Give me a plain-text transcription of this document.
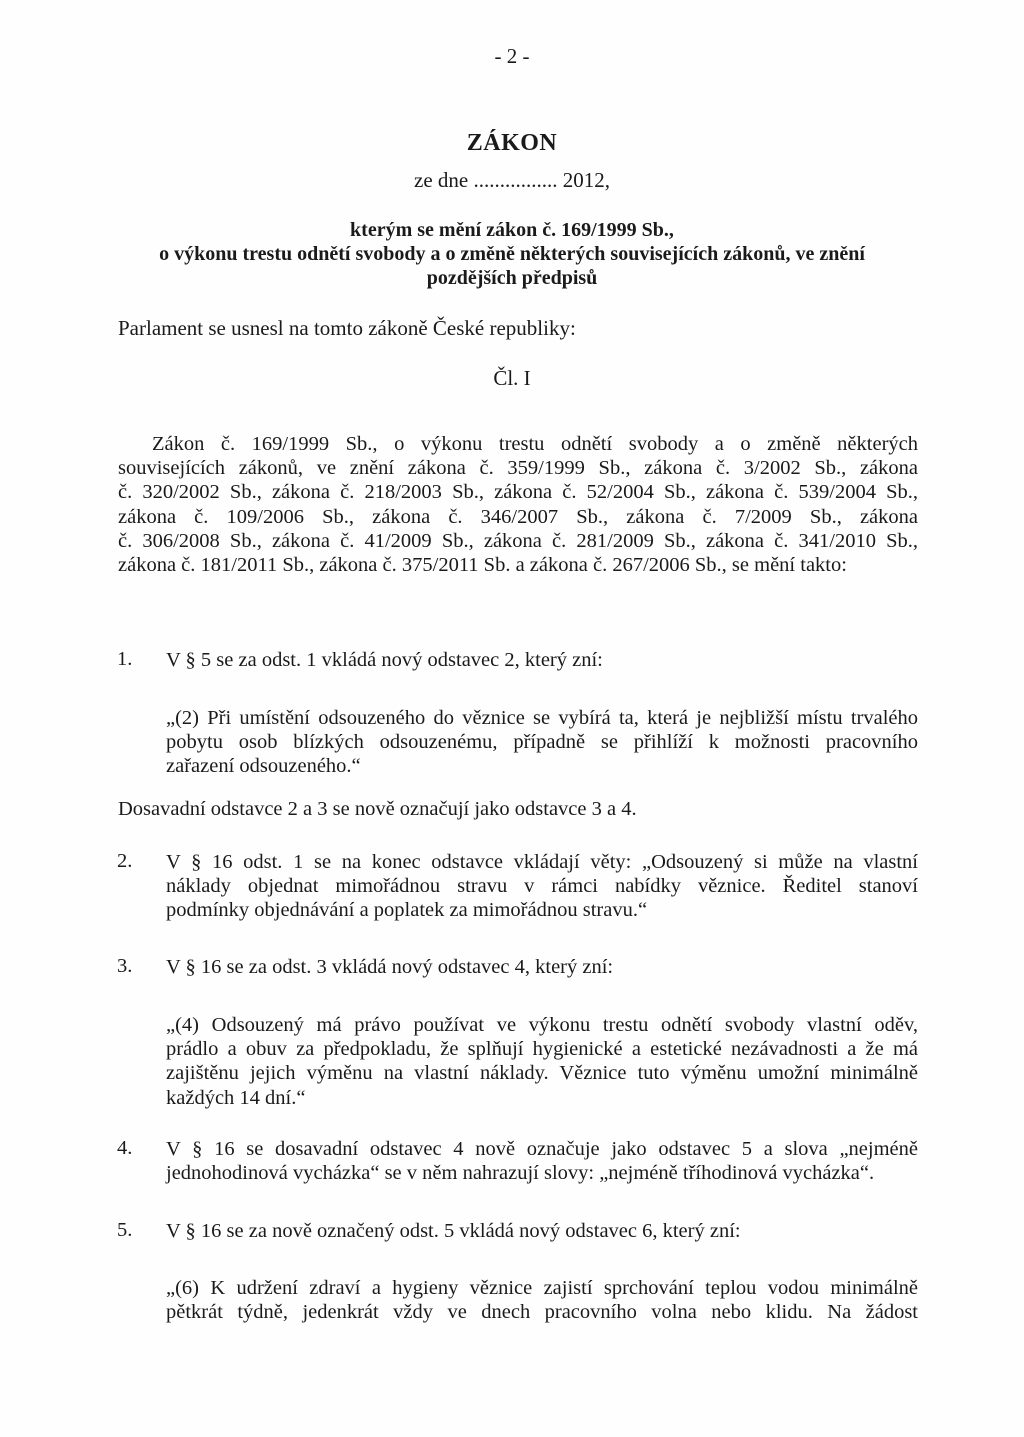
- 2 -
ZÁKON
ze dne ................ 2012,
kterým se mění zákon č. 169/1999 Sb.,
o výkonu trestu odnětí svobody a o změně některých souvisejících zákonů, ve znění
pozdějších předpisů
Parlament se usnesl na tomto zákoně České republiky:
Čl. I
Zákon č. 169/1999 Sb., o výkonu trestu odnětí svobody a o změně některých
souvisejících zákonů, ve znění zákona č. 359/1999 Sb., zákona č. 3/2002 Sb., zákona
č. 320/2002 Sb., zákona č. 218/2003 Sb., zákona č. 52/2004 Sb., zákona č. 539/2004 Sb.,
zákona č. 109/2006 Sb., zákona č. 346/2007 Sb., zákona č. 7/2009 Sb., zákona
č. 306/2008 Sb., zákona č. 41/2009 Sb., zákona č. 281/2009 Sb., zákona č. 341/2010 Sb.,
zákona č. 181/2011 Sb., zákona č. 375/2011 Sb. a zákona č. 267/2006 Sb., se mění takto:
1. V § 5 se za odst. 1 vkládá nový odstavec 2, který zní:
„(2) Při umístění odsouzeného do věznice se vybírá ta, která je nejbližší místu trvalého
pobytu osob blízkých odsouzenému, případně se přihlíží k možnosti pracovního
zařazení odsouzeného.“
Dosavadní odstavce 2 a 3 se nově označují jako odstavce 3 a 4.
2. V § 16 odst. 1 se na konec odstavce vkládají věty: „Odsouzený si může na vlastní
náklady objednat mimořádnou stravu v rámci nabídky věznice. Ředitel stanoví
podmínky objednávání a poplatek za mimořádnou stravu.“
3. V § 16 se za odst. 3 vkládá nový odstavec 4, který zní:
„(4) Odsouzený má právo používat ve výkonu trestu odnětí svobody vlastní oděv,
prádlo a obuv za předpokladu, že splňují hygienické a estetické nezávadnosti a že má
zajištěnu jejich výměnu na vlastní náklady. Věznice tuto výměnu umožní minimálně
každých 14 dní.“
4. V § 16 se dosavadní odstavec 4 nově označuje jako odstavec 5 a slova „nejméně
jednohodinová vycházka“ se v něm nahrazují slovy: „nejméně tříhodinová vycházka“.
5. V § 16 se za nově označený odst. 5 vkládá nový odstavec 6, který zní:
„(6) K udržení zdraví a hygieny věznice zajistí sprchování teplou vodou minimálně
pětkrát týdně, jedenkrát vždy ve dnech pracovního volna nebo klidu. Na žádost
